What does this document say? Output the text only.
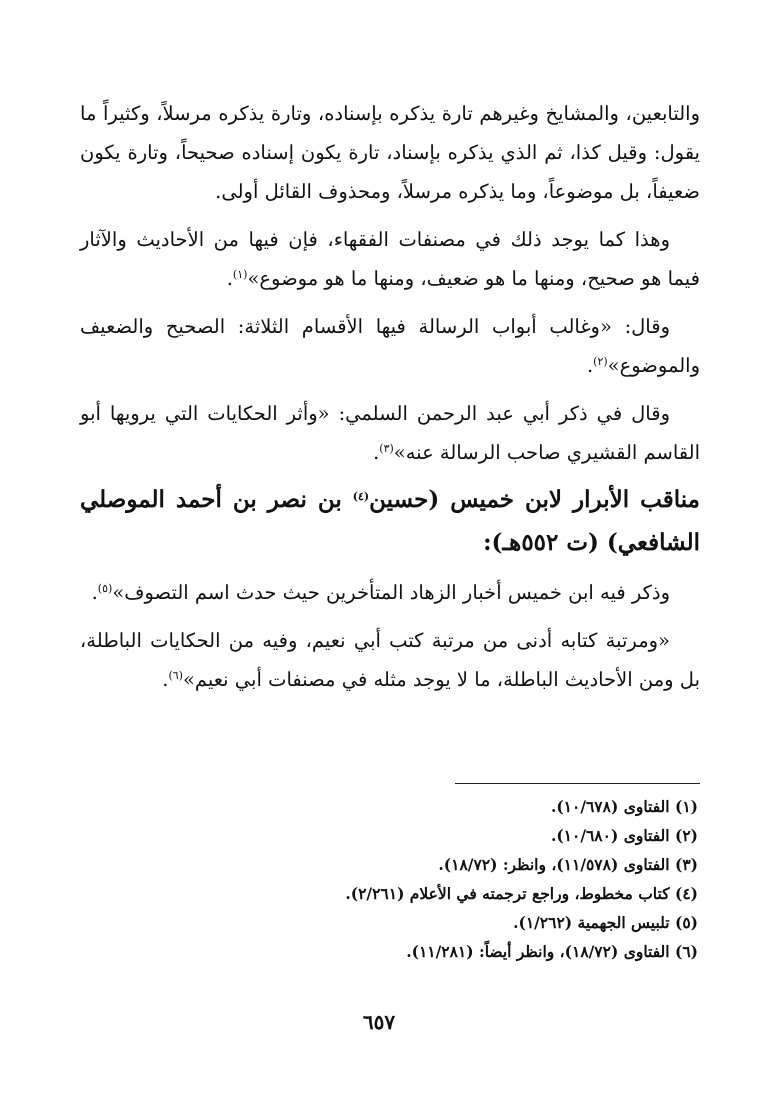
والتابعين، والمشايخ وغيرهم تارة يذكره بإسناده، وتارة يذكره مرسلاً، وكثيراً ما يقول: وقيل كذا، ثم الذي يذكره بإسناد، تارة يكون إسناده صحيحاً، وتارة يكون ضعيفاً، بل موضوعاً، وما يذكره مرسلاً، ومحذوف القائل أولى.

وهذا كما يوجد ذلك في مصنفات الفقهاء، فإن فيها من الأحاديث والآثار فيما هو صحيح، ومنها ما هو ضعيف، ومنها ما هو موضوع»$^{(١)}$.

وقال: «وغالب أبواب الرسالة فيها الأقسام الثلاثة: الصحيح والضعيف والموضوع»$^{(٢)}$.

وقال في ذكر أبي عبد الرحمن السلمي: «وأثر الحكايات التي يرويها أبو القاسم القشيري صاحب الرسالة عنه»$^{(٣)}$.

مناقب الأبرار لابن خميس (حسين$^{(٤)}$ بن نصر بن أحمد الموصلي الشافعي) (ت ٥٥٢هـ):

وذكر فيه ابن خميس أخبار الزهاد المتأخرين حيث حدث اسم التصوف»$^{(٥)}$.

«ومرتبة كتابه أدنى من مرتبة كتب أبي نعيم، وفيه من الحكايات الباطلة، بل ومن الأحاديث الباطلة، ما لا يوجد مثله في مصنفات أبي نعيم»$^{(٦)}$.

(١) الفتاوى (١٠/٦٧٨).
(٢) الفتاوى (١٠/٦٨٠).
(٣) الفتاوى (١١/٥٧٨)، وانظر: (١٨/٧٢).
(٤) كتاب مخطوط، وراجع ترجمته في الأعلام (٢/٢٦١).
(٥) تلبيس الجهمية (١/٢٦٢).
(٦) الفتاوى (١٨/٧٢)، وانظر أيضاً: (١١/٢٨١).
٦٥٧
